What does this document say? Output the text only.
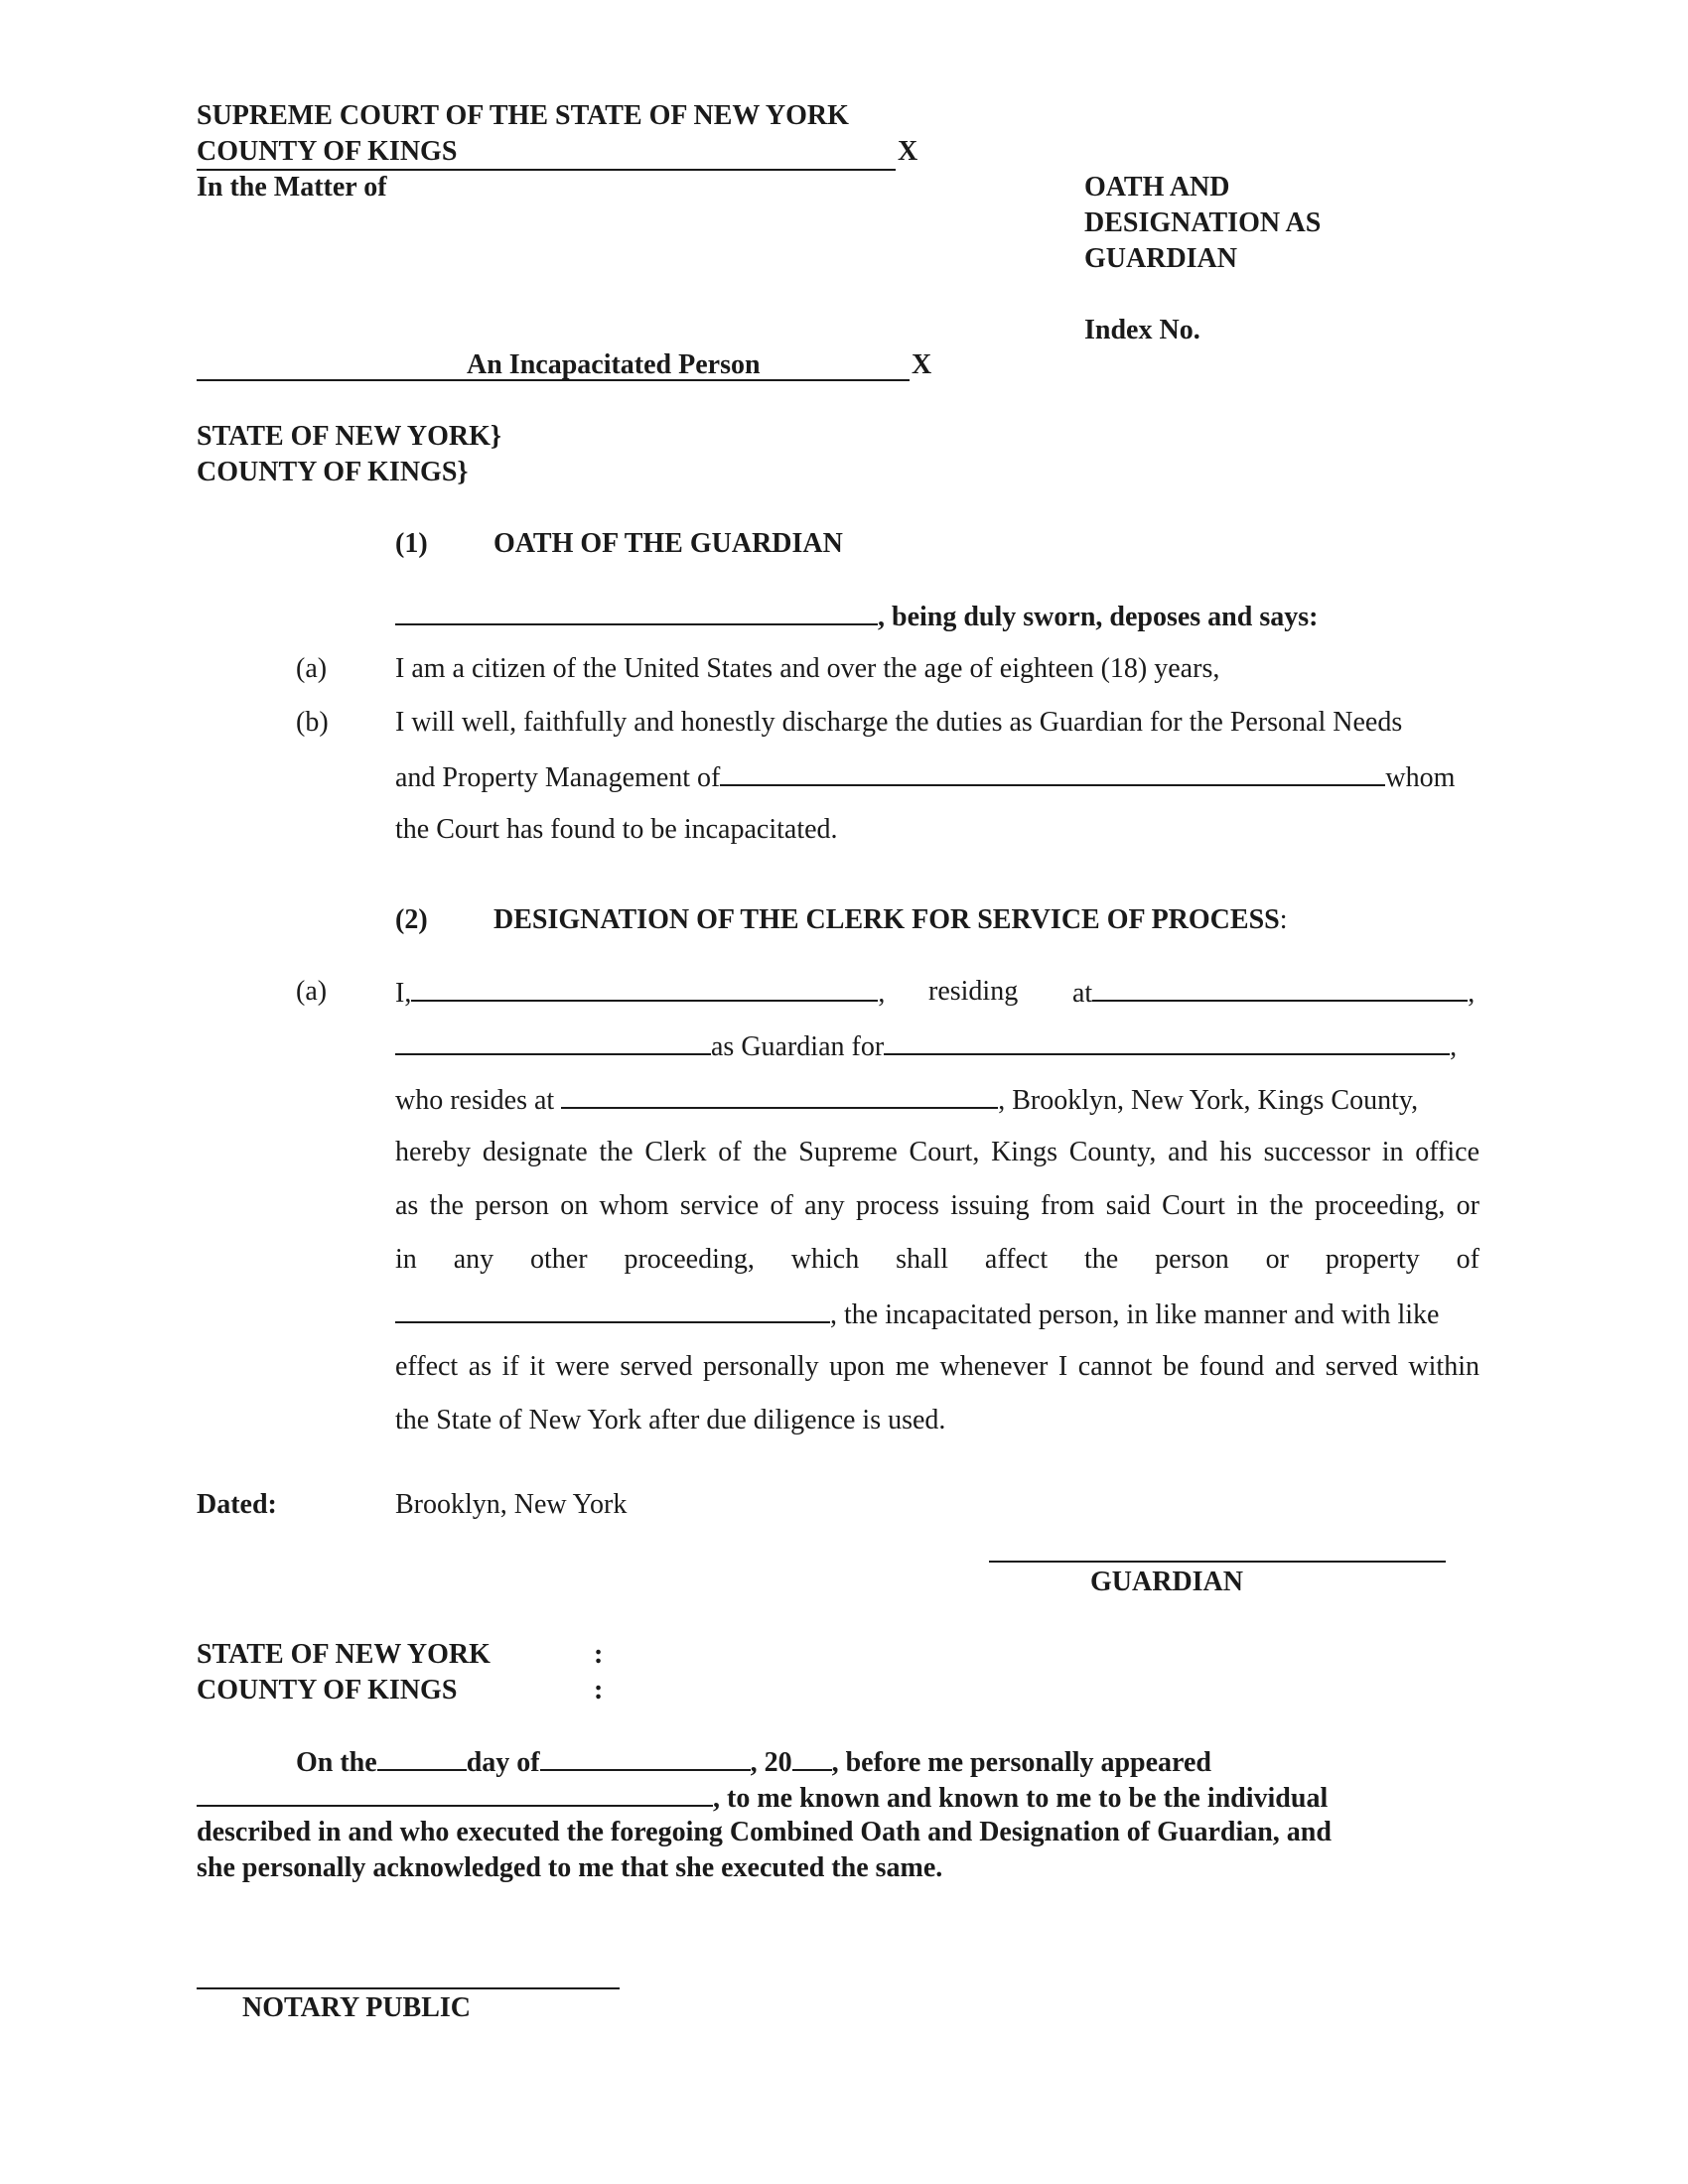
SUPREME COURT OF THE STATE OF NEW YORK
COUNTY OF KINGS	X
In the Matter of
An Incapacitated Person	X
OATH AND
DESIGNATION AS
GUARDIAN
Index No.
STATE OF NEW YORK}
COUNTY OF KINGS}
(1) OATH OF THE GUARDIAN
, being duly sworn, deposes and says:
(a) I am a citizen of the United States and over the age of eighteen (18) years,
(b) I will well, faithfully and honestly discharge the duties as Guardian for the Personal Needs
and Property Management of	whom
the Court has found to be incapacitated.
(2) DESIGNATION OF THE CLERK FOR SERVICE OF PROCESS:
(a) I,	, residing at	,
as Guardian for	,
who resides at	, Brooklyn, New York, Kings County,
hereby designate the Clerk of the Supreme Court, Kings County, and his successor in office
as the person on whom service of any process issuing from said Court in the proceeding, or
in any other proceeding, which shall affect the person or property of
, the incapacitated person, in like manner and with like
effect as if it were served personally upon me whenever I cannot be found and served within
the State of New York after due diligence is used.
Dated:	Brooklyn, New York
GUARDIAN
STATE OF NEW YORK	:
COUNTY OF KINGS	:
On the	day of	, 20 , before me personally appeared
, to me known and known to me to be the individual
described in and who executed the foregoing Combined Oath and Designation of Guardian, and
she personally acknowledged to me that she executed the same.
NOTARY PUBLIC
